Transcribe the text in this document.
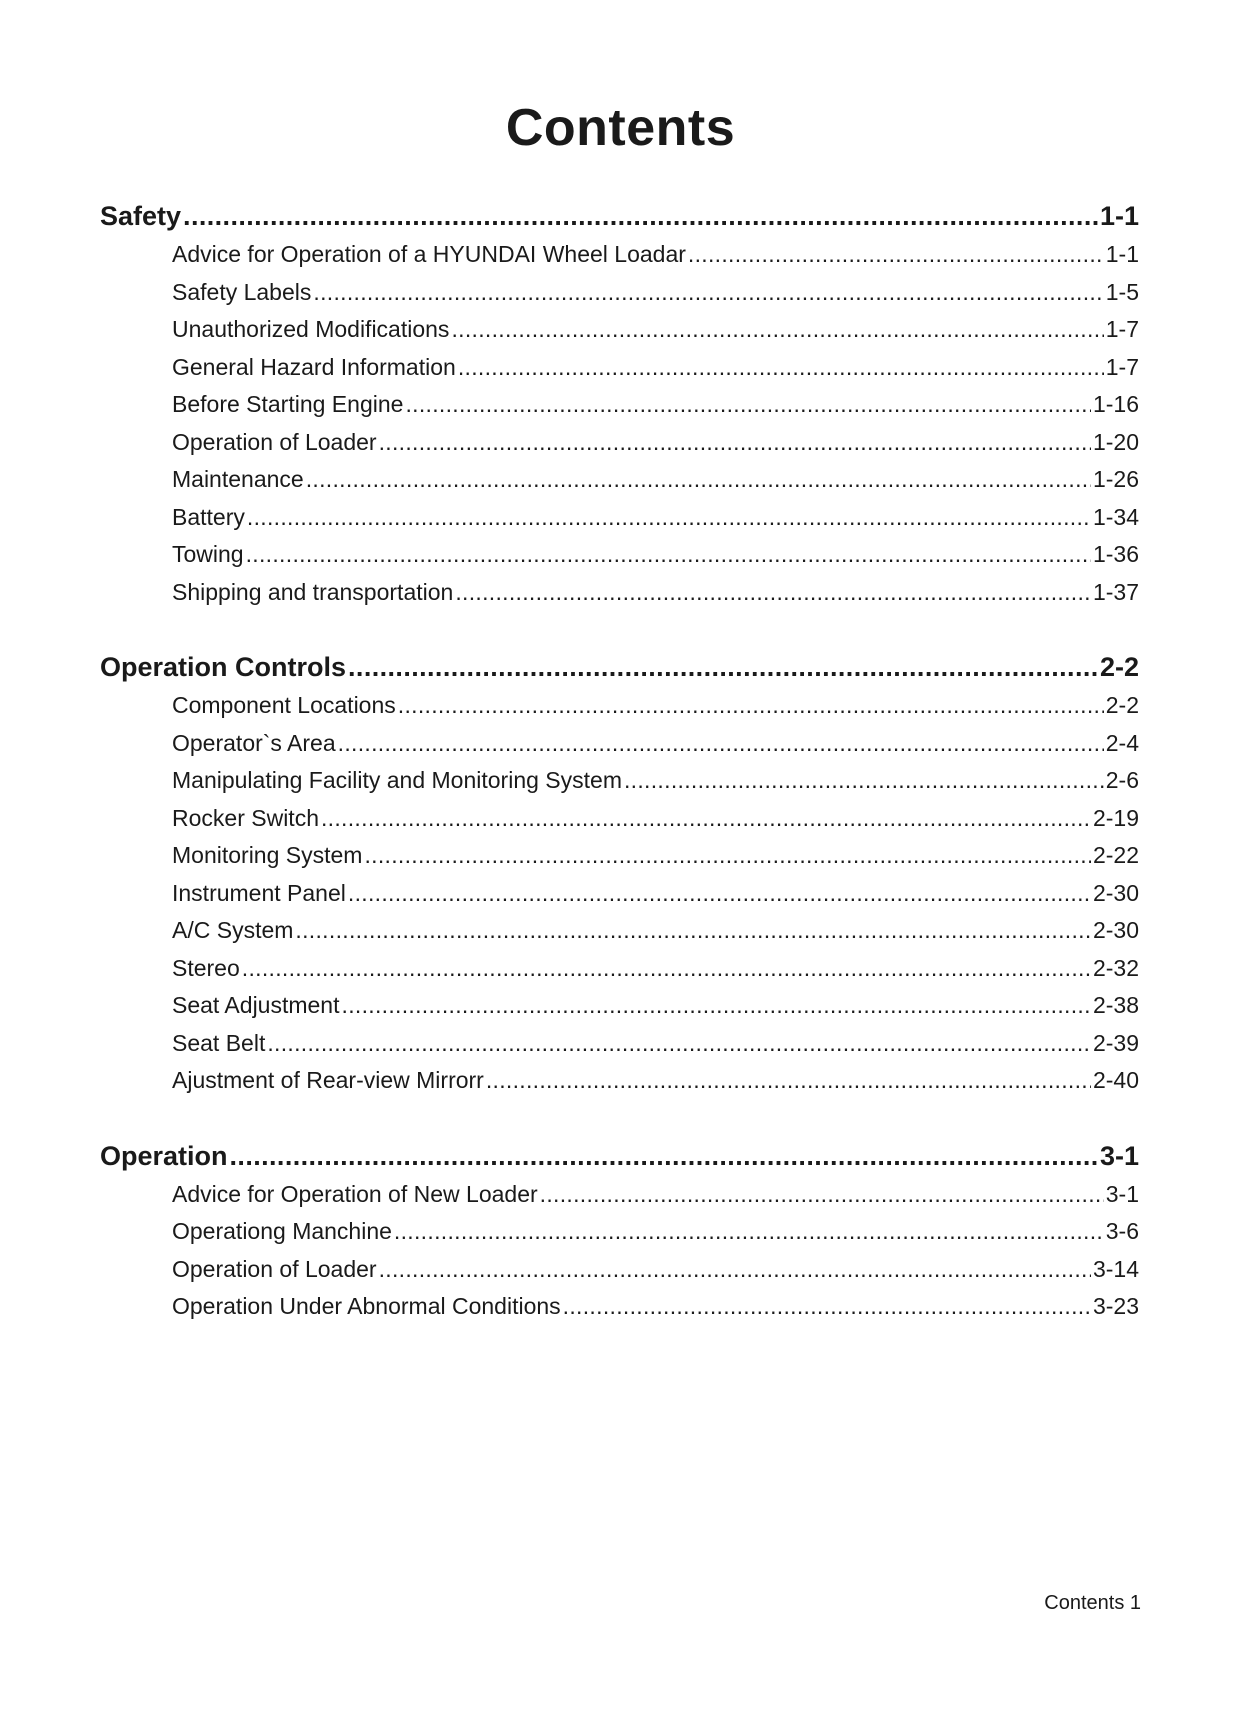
Contents
Safety .....	1-1
Advice for Operation of a HYUNDAI Wheel Loadar .....	1-1
Safety Labels .....	1-5
Unauthorized Modifications .....	1-7
General Hazard Information .....	1-7
Before Starting Engine .....	1-16
Operation of Loader .....	1-20
Maintenance .....	1-26
Battery .....	1-34
Towing .....	1-36
Shipping and transportation .....	1-37
Operation Controls .....	2-2
Component Locations .....	2-2
Operator`s Area .....	2-4
Manipulating Facility and Monitoring System .....	2-6
Rocker Switch .....	2-19
Monitoring System .....	2-22
Instrument Panel .....	2-30
A/C System .....	2-30
Stereo .....	2-32
Seat Adjustment .....	2-38
Seat Belt .....	2-39
Ajustment of Rear-view Mirrorr .....	2-40
Operation .....	3-1
Advice for Operation of New Loader .....	3-1
Operationg Manchine .....	3-6
Operation of Loader .....	3-14
Operation Under Abnormal Conditions .....	3-23
Contents 1
